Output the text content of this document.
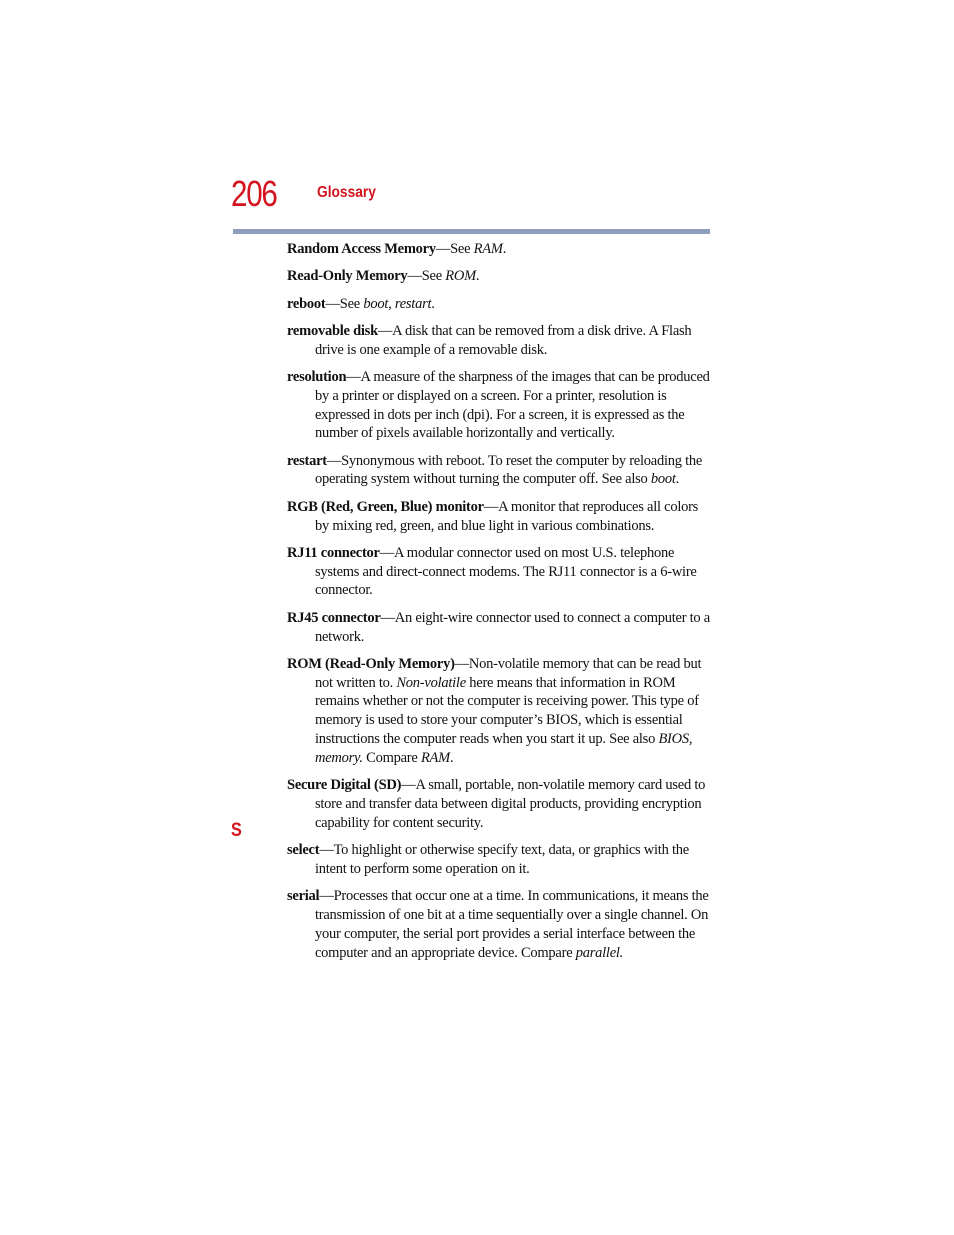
206	Glossary
S

Random Access Memory—See RAM.

Read-Only Memory—See ROM.

reboot—See boot, restart.

removable disk—A disk that can be removed from a disk drive. A Flash drive is one example of a removable disk.

resolution—A measure of the sharpness of the images that can be produced by a printer or displayed on a screen. For a printer, resolution is expressed in dots per inch (dpi). For a screen, it is expressed as the number of pixels available horizontally and vertically.

restart—Synonymous with reboot. To reset the computer by reloading the operating system without turning the computer off. See also boot.

RGB (Red, Green, Blue) monitor—A monitor that reproduces all colors by mixing red, green, and blue light in various combinations.

RJ11 connector—A modular connector used on most U.S. telephone systems and direct-connect modems. The RJ11 connector is a 6-wire connector.

RJ45 connector—An eight-wire connector used to connect a computer to a network.

ROM (Read-Only Memory)—Non-volatile memory that can be read but not written to. Non-volatile here means that information in ROM remains whether or not the computer is receiving power. This type of memory is used to store your computer’s BIOS, which is essential instructions the computer reads when you start it up. See also BIOS, memory. Compare RAM.

Secure Digital (SD)—A small, portable, non-volatile memory card used to store and transfer data between digital products, providing encryption capability for content security.

select—To highlight or otherwise specify text, data, or graphics with the intent to perform some operation on it.

serial—Processes that occur one at a time. In communications, it means the transmission of one bit at a time sequentially over a single channel. On your computer, the serial port provides a serial interface between the computer and an appropriate device. Compare parallel.
